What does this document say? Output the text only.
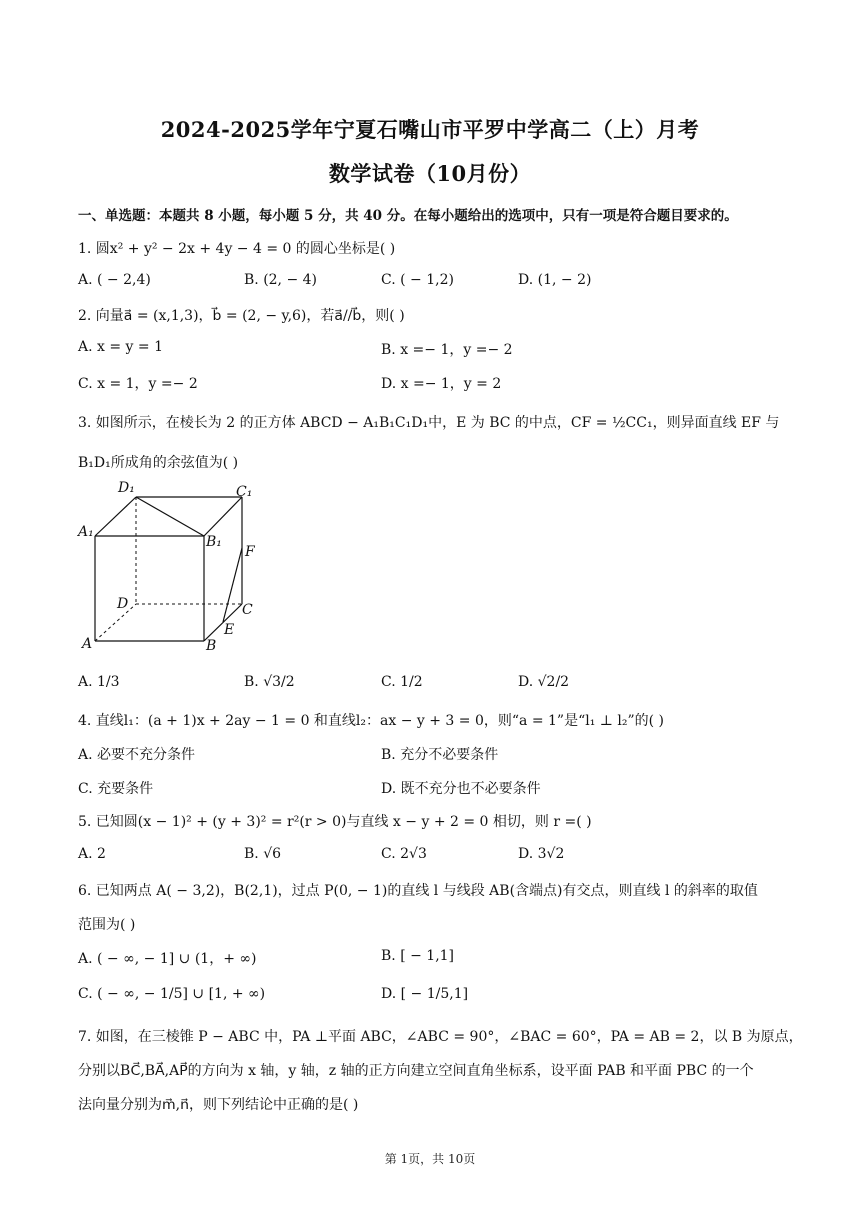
2024-2025学年宁夏石嘴山市平罗中学高二（上）月考
数学试卷（10月份）
一、单选题：本题共 8 小题，每小题 5 分，共 40 分。在每小题给出的选项中，只有一项是符合题目要求的。
1. 圆x² + y² − 2x + 4y − 4 = 0 的圆心坐标是( )
A. ( − 2,4)	B. (2, − 4)	C. ( − 1,2)	D. (1, − 2)
2. 向量a⃗ = (x,1,3)，b⃗ = (2, − y,6)，若a⃗//b⃗，则( )
A. x = y = 1	B. x =− 1，y =− 2
C. x = 1，y =− 2	D. x =− 1，y = 2
3. 如图所示，在棱长为 2 的正方体 ABCD − A₁B₁C₁D₁中，E 为 BC 的中点，CF = ½CC₁，则异面直线 EF 与
B₁D₁所成角的余弦值为( )
D₁	C₁
A₁
B₁
F
D	C
E
A	B
A. 1/3	B. √3/2	C. 1/2	D. √2/2
4. 直线l₁：(a + 1)x + 2ay − 1 = 0 和直线l₂：ax − y + 3 = 0，则“a = 1”是“l₁ ⊥ l₂”的( )
A. 必要不充分条件	B. 充分不必要条件
C. 充要条件	D. 既不充分也不必要条件
5. 已知圆(x − 1)² + (y + 3)² = r²(r > 0)与直线 x − y + 2 = 0 相切，则 r =( )
A. 2	B. √6	C. 2√3	D. 3√2
6. 已知两点 A( − 3,2)，B(2,1)，过点 P(0, − 1)的直线 l 与线段 AB(含端点)有交点，则直线 l 的斜率的取值
范围为( )
A. ( − ∞, − 1] ∪ (1，+ ∞)	B. [ − 1,1]
C. ( − ∞, − 1/5] ∪ [1, + ∞)	D. [ − 1/5,1]
7. 如图，在三棱锥 P − ABC 中，PA ⊥平面 ABC，∠ABC = 90°，∠BAC = 60°，PA = AB = 2，以 B 为原点，
分别以BC⃗,BA⃗,AP⃗的方向为 x 轴，y 轴，z 轴的正方向建立空间直角坐标系，设平面 PAB 和平面 PBC 的一个
法向量分别为m⃗,n⃗，则下列结论中正确的是( )
第 1页，共 10页
